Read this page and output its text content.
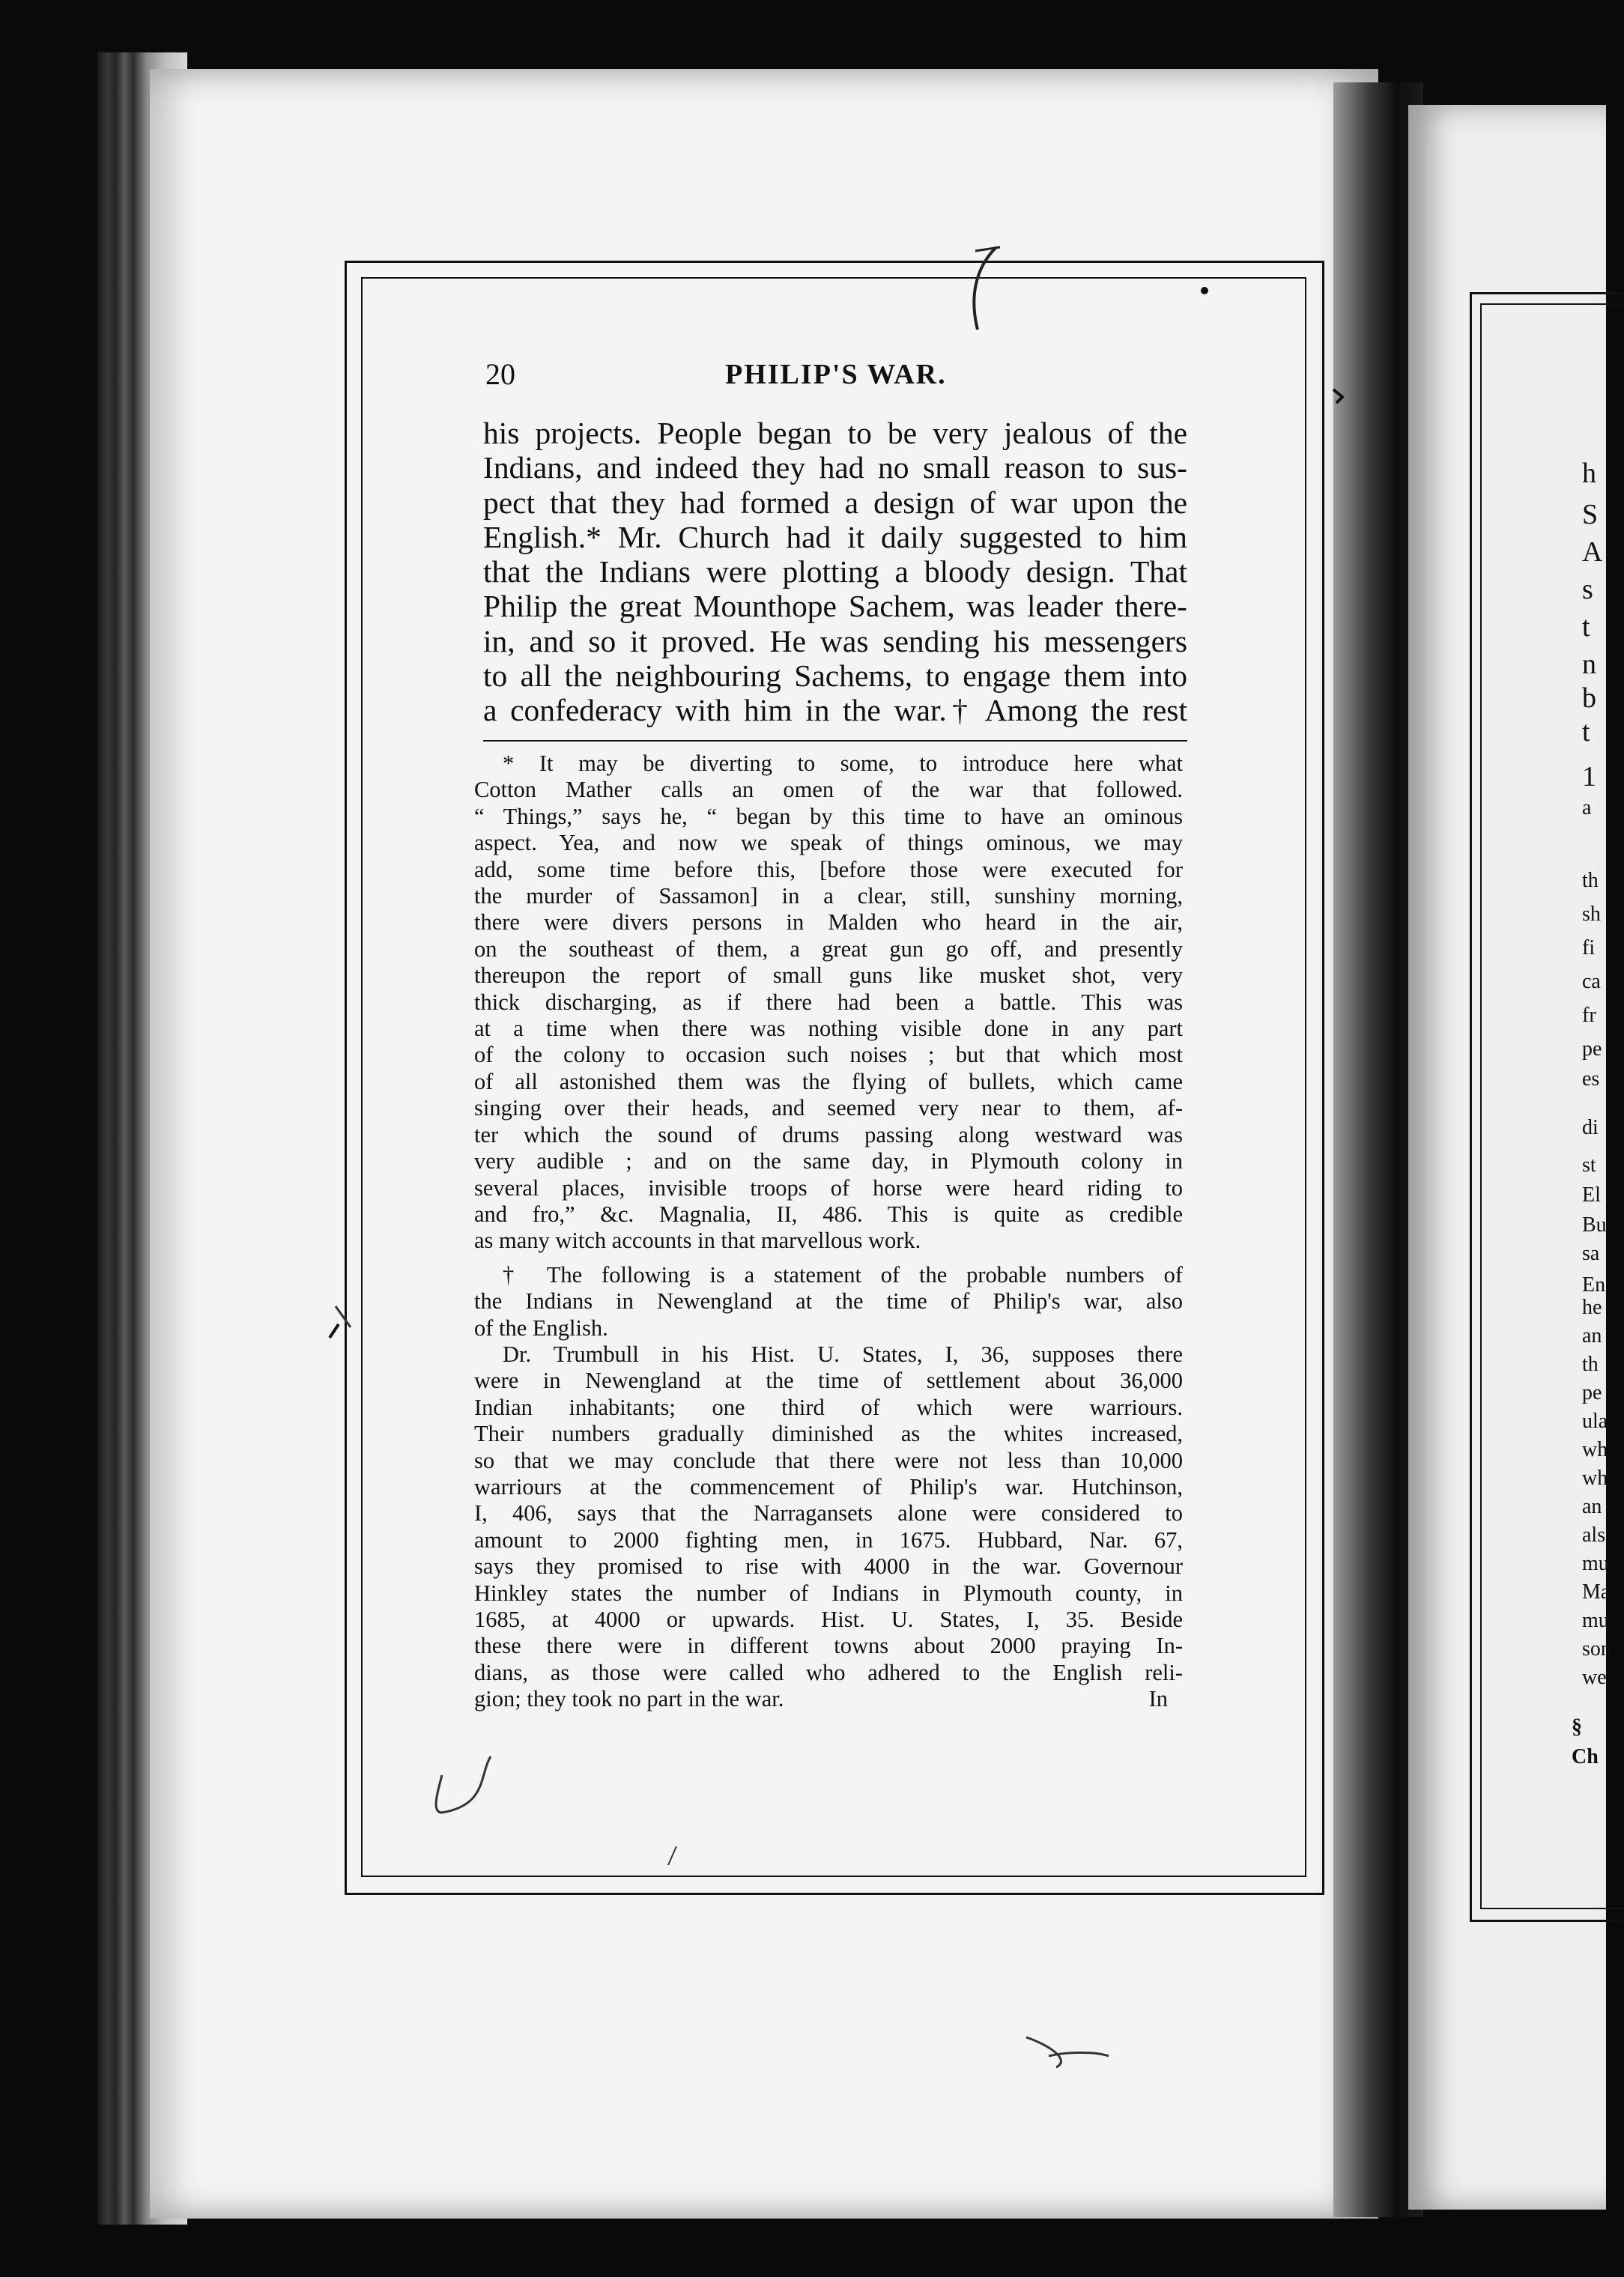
h
S
A
s
t
n
b
t
1
a
th
sh
fi
ca
fr
pe
es
di
st
El
Bu
sa
En
he
an
th
pe
ula
wh
wh
an
als
mu
Ma
mu
son
we
§
Ch
20	PHILIP'S WAR.
his projects. People began to be very jealous of the
Indians, and indeed they had no small reason to sus-
pect that they had formed a design of war upon the
English.* Mr. Church had it daily suggested to him
that the Indians were plotting a bloody design. That
Philip the great Mounthope Sachem, was leader there-
in, and so it proved. He was sending his messengers
to all the neighbouring Sachems, to engage them into
a confederacy with him in the war.† Among the rest
* It may be diverting to some, to introduce here what
Cotton Mather calls an omen of the war that followed.
“ Things,” says he, “ began by this time to have an ominous
aspect. Yea, and now we speak of things ominous, we may
add, some time before this, [before those were executed for
the murder of Sassamon] in a clear, still, sunshiny morning,
there were divers persons in Malden who heard in the air,
on the southeast of them, a great gun go off, and presently
thereupon the report of small guns like musket shot, very
thick discharging, as if there had been a battle. This was
at a time when there was nothing visible done in any part
of the colony to occasion such noises ; but that which most
of all astonished them was the flying of bullets, which came
singing over their heads, and seemed very near to them, af-
ter which the sound of drums passing along westward was
very audible ; and on the same day, in Plymouth colony in
several places, invisible troops of horse were heard riding to
and fro,” &c. Magnalia, II, 486. This is quite as credible
as many witch accounts in that marvellous work.
† The following is a statement of the probable numbers of
the Indians in Newengland at the time of Philip's war, also
of the English.
Dr. Trumbull in his Hist. U. States, I, 36, supposes there
were in Newengland at the time of settlement about 36,000
Indian inhabitants; one third of which were warriours.
Their numbers gradually diminished as the whites increased,
so that we may conclude that there were not less than 10,000
warriours at the commencement of Philip's war. Hutchinson,
I, 406, says that the Narragansets alone were considered to
amount to 2000 fighting men, in 1675. Hubbard, Nar. 67,
says they promised to rise with 4000 in the war. Governour
Hinkley states the number of Indians in Plymouth county, in
1685, at 4000 or upwards. Hist. U. States, I, 35. Beside
these there were in different towns about 2000 praying In-
dians, as those were called who adhered to the English reli-
gion; they took no part in the war.	In
